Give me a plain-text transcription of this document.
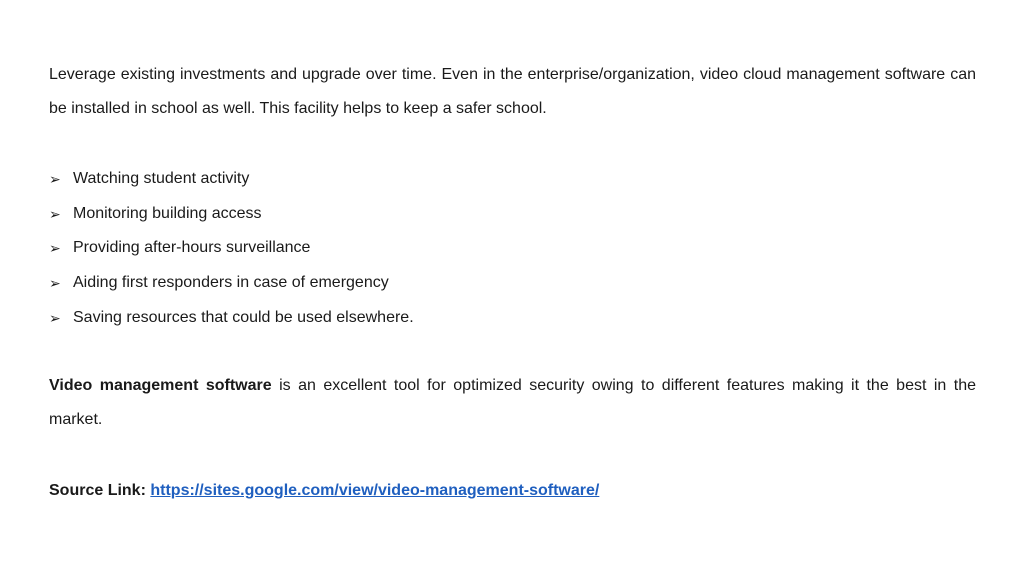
Leverage existing investments and upgrade over time. Even in the enterprise/organization, video cloud management software can be installed in school as well. This facility helps to keep a safer school.

➢ Watching student activity
➢ Monitoring building access
➢ Providing after-hours surveillance
➢ Aiding first responders in case of emergency
➢ Saving resources that could be used elsewhere.

Video management software is an excellent tool for optimized security owing to different features making it the best in the market.

Source Link: https://sites.google.com/view/video-management-software/
